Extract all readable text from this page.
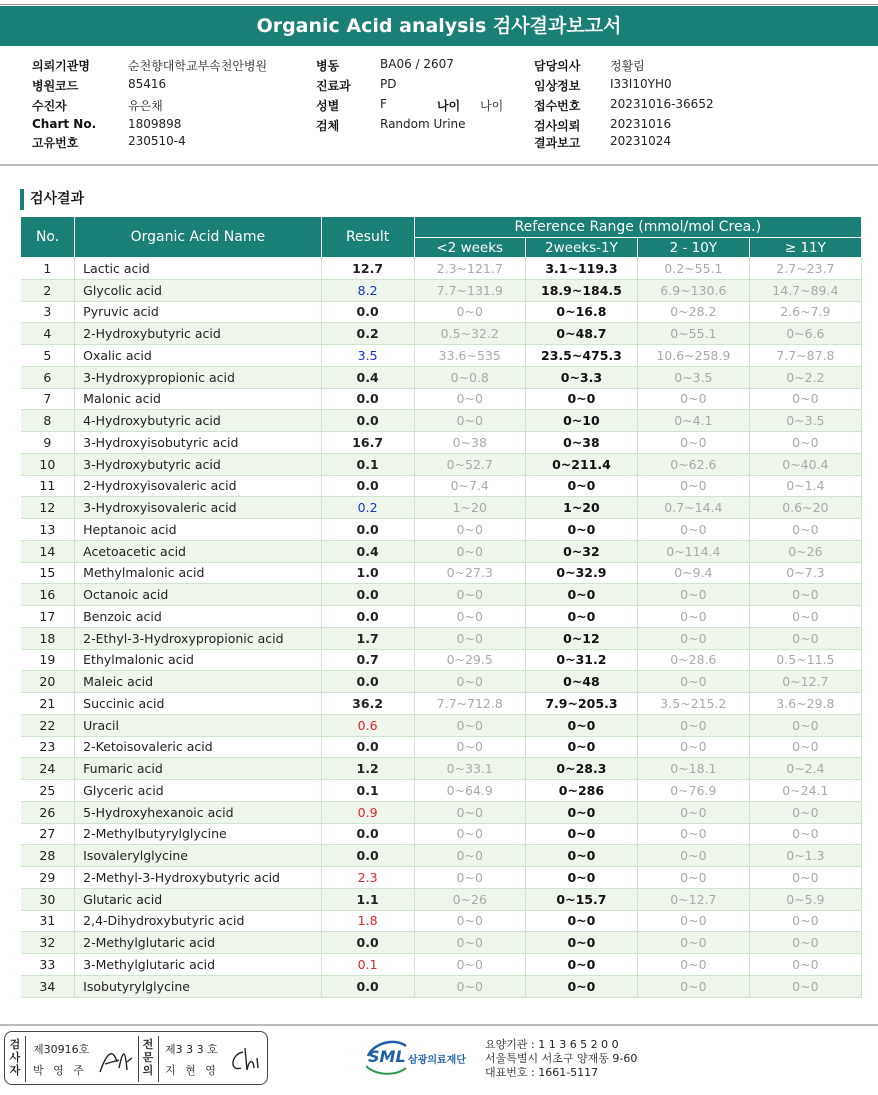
Organic Acid analysis 검사결과보고서
의뢰기관명	순천향대학교부속천안병원
병원코드	85416
수진자	유은채
Chart No.	1809898
고유번호	230510-4
병동	BA06 / 2607
진료과 PD
성별	F	나이 나이
검체	Random Urine
담당의사 정활림
임상정보 I33I10YH0
접수번호 20231016-36652
검사의뢰 20231016
결과보고 20231024
검사결과
No.	Organic Acid Name	Result	Reference Range (mmol/mol Crea.)			
			<2 weeks	2weeks-1Y	2 - 10Y	≥ 11Y
1	Lactic acid	12.7	2.3~121.7	3.1~119.3	0.2~55.1	2.7~23.7
2	Glycolic acid	8.2	7.7~131.9	18.9~184.5	6.9~130.6	14.7~89.4
3	Pyruvic acid	0.0	0~0	0~16.8	0~28.2	2.6~7.9
4	2-Hydroxybutyric acid	0.2	0.5~32.2	0~48.7	0~55.1	0~6.6
5	Oxalic acid	3.5	33.6~535	23.5~475.3	10.6~258.9	7.7~87.8
6	3-Hydroxypropionic acid	0.4	0~0.8	0~3.3	0~3.5	0~2.2
7	Malonic acid	0.0	0~0	0~0	0~0	0~0
8	4-Hydroxybutyric acid	0.0	0~0	0~10	0~4.1	0~3.5
9	3-Hydroxyisobutyric acid	16.7	0~38	0~38	0~0	0~0
10	3-Hydroxybutyric acid	0.1	0~52.7	0~211.4	0~62.6	0~40.4
11	2-Hydroxyisovaleric acid	0.0	0~7.4	0~0	0~0	0~1.4
12	3-Hydroxyisovaleric acid	0.2	1~20	1~20	0.7~14.4	0.6~20
13	Heptanoic acid	0.0	0~0	0~0	0~0	0~0
14	Acetoacetic acid	0.4	0~0	0~32	0~114.4	0~26
15	Methylmalonic acid	1.0	0~27.3	0~32.9	0~9.4	0~7.3
16	Octanoic acid	0.0	0~0	0~0	0~0	0~0
17	Benzoic acid	0.0	0~0	0~0	0~0	0~0
18	2-Ethyl-3-Hydroxypropionic acid	1.7	0~0	0~12	0~0	0~0
19	Ethylmalonic acid	0.7	0~29.5	0~31.2	0~28.6	0.5~11.5
20	Maleic acid	0.0	0~0	0~48	0~0	0~12.7
21	Succinic acid	36.2	7.7~712.8	7.9~205.3	3.5~215.2	3.6~29.8
22	Uracil	0.6	0~0	0~0	0~0	0~0
23	2-Ketoisovaleric acid	0.0	0~0	0~0	0~0	0~0
24	Fumaric acid	1.2	0~33.1	0~28.3	0~18.1	0~2.4
25	Glyceric acid	0.1	0~64.9	0~286	0~76.9	0~24.1
26	5-Hydroxyhexanoic acid	0.9	0~0	0~0	0~0	0~0
27	2-Methylbutyrylglycine	0.0	0~0	0~0	0~0	0~0
28	Isovalerylglycine	0.0	0~0	0~0	0~0	0~1.3
29	2-Methyl-3-Hydroxybutyric acid	2.3	0~0	0~0	0~0	0~0
30	Glutaric acid	1.1	0~26	0~15.7	0~12.7	0~5.9
31	2,4-Dihydroxybutyric acid	1.8	0~0	0~0	0~0	0~0
32	2-Methylglutaric acid	0.0	0~0	0~0	0~0	0~0
33	3-Methylglutaric acid	0.1	0~0	0~0	0~0	0~0
34	Isobutyrylglycine	0.0	0~0	0~0	0~0	0~0
검사자
제30916호
박 영 주
전문의
제3 3 3 호
지 현 영
SML 삼광의료재단
요양기관 : 1 1 3 6 5 2 0 0
서울특별시 서초구 양재동 9-60
대표번호 : 1661-5117
